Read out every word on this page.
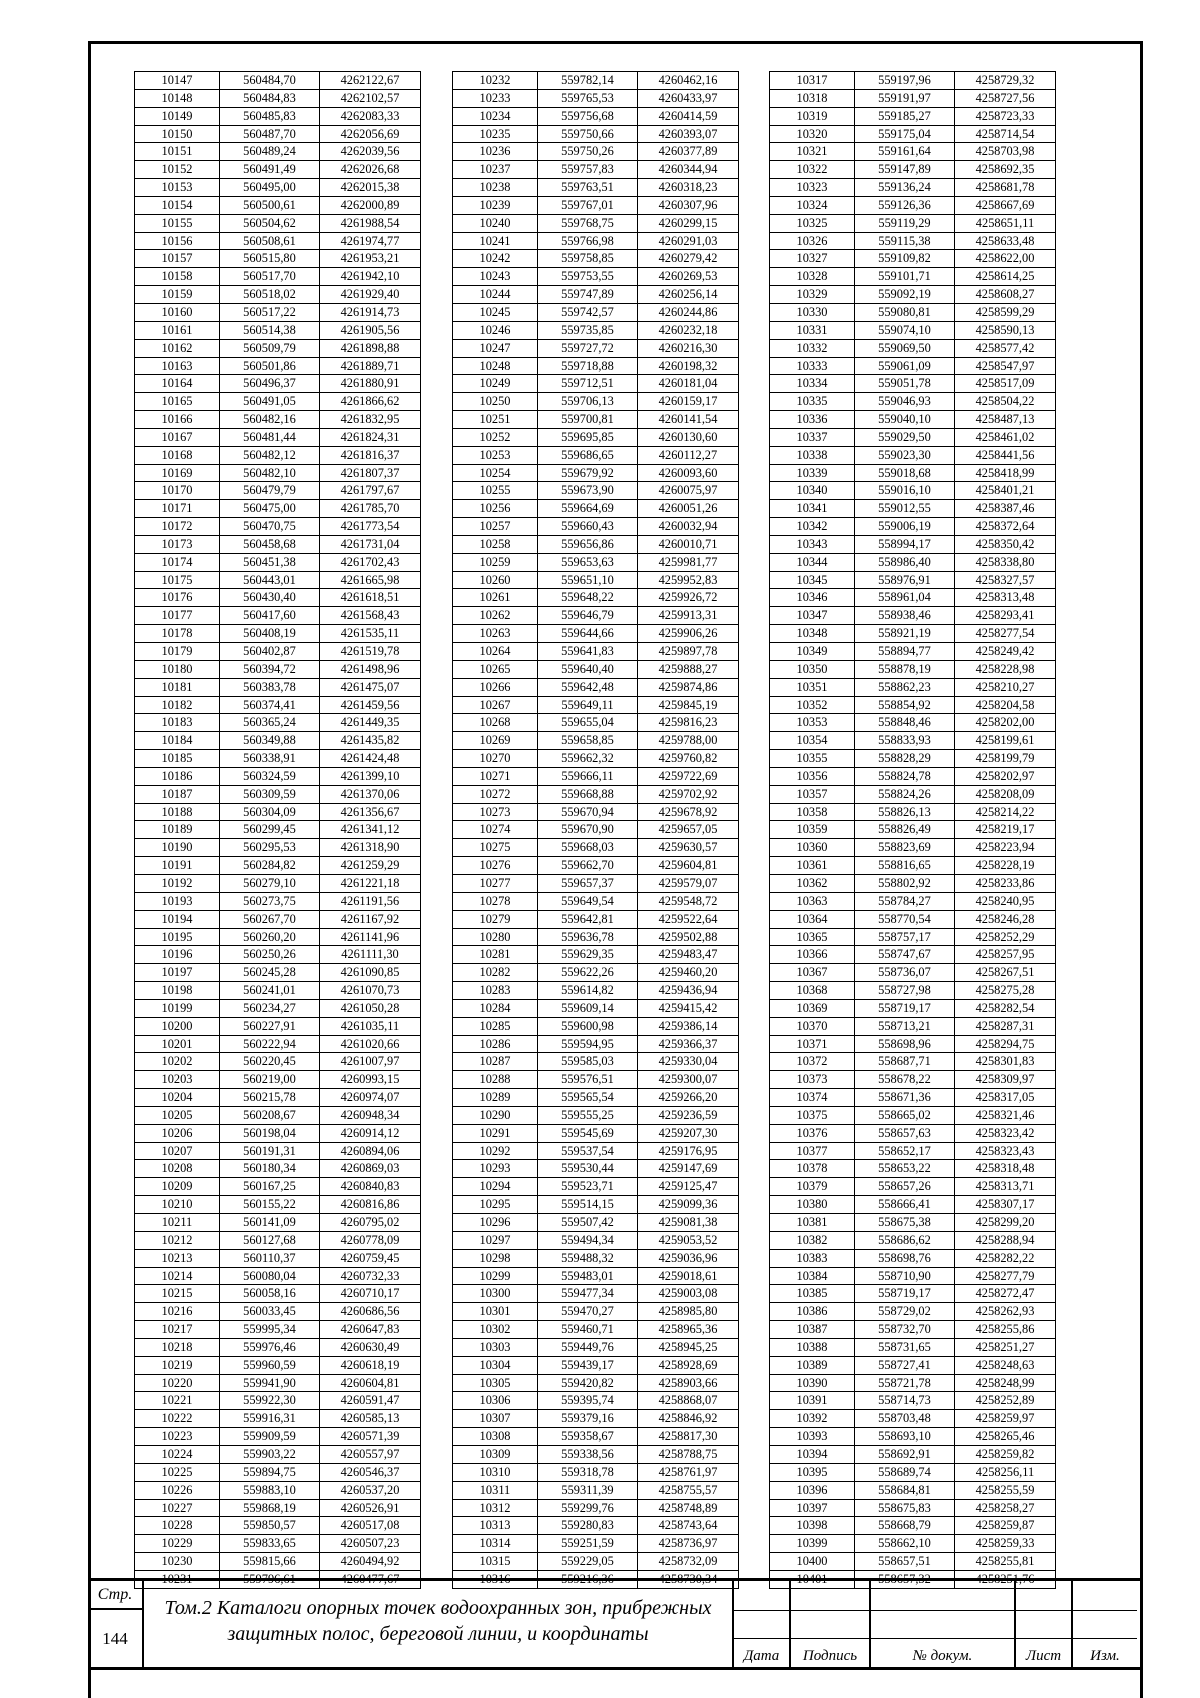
10147	560484,70	4262122,67
10148	560484,83	4262102,57
10149	560485,83	4262083,33
10150	560487,70	4262056,69
10151	560489,24	4262039,56
10152	560491,49	4262026,68
10153	560495,00	4262015,38
10154	560500,61	4262000,89
10155	560504,62	4261988,54
10156	560508,61	4261974,77
10157	560515,80	4261953,21
10158	560517,70	4261942,10
10159	560518,02	4261929,40
10160	560517,22	4261914,73
10161	560514,38	4261905,56
10162	560509,79	4261898,88
10163	560501,86	4261889,71
10164	560496,37	4261880,91
10165	560491,05	4261866,62
10166	560482,16	4261832,95
10167	560481,44	4261824,31
10168	560482,12	4261816,37
10169	560482,10	4261807,37
10170	560479,79	4261797,67
10171	560475,00	4261785,70
10172	560470,75	4261773,54
10173	560458,68	4261731,04
10174	560451,38	4261702,43
10175	560443,01	4261665,98
10176	560430,40	4261618,51
10177	560417,60	4261568,43
10178	560408,19	4261535,11
10179	560402,87	4261519,78
10180	560394,72	4261498,96
10181	560383,78	4261475,07
10182	560374,41	4261459,56
10183	560365,24	4261449,35
10184	560349,88	4261435,82
10185	560338,91	4261424,48
10186	560324,59	4261399,10
10187	560309,59	4261370,06
10188	560304,09	4261356,67
10189	560299,45	4261341,12
10190	560295,53	4261318,90
10191	560284,82	4261259,29
10192	560279,10	4261221,18
10193	560273,75	4261191,56
10194	560267,70	4261167,92
10195	560260,20	4261141,96
10196	560250,26	4261111,30
10197	560245,28	4261090,85
10198	560241,01	4261070,73
10199	560234,27	4261050,28
10200	560227,91	4261035,11
10201	560222,94	4261020,66
10202	560220,45	4261007,97
10203	560219,00	4260993,15
10204	560215,78	4260974,07
10205	560208,67	4260948,34
10206	560198,04	4260914,12
10207	560191,31	4260894,06
10208	560180,34	4260869,03
10209	560167,25	4260840,83
10210	560155,22	4260816,86
10211	560141,09	4260795,02
10212	560127,68	4260778,09
10213	560110,37	4260759,45
10214	560080,04	4260732,33
10215	560058,16	4260710,17
10216	560033,45	4260686,56
10217	559995,34	4260647,83
10218	559976,46	4260630,49
10219	559960,59	4260618,19
10220	559941,90	4260604,81
10221	559922,30	4260591,47
10222	559916,31	4260585,13
10223	559909,59	4260571,39
10224	559903,22	4260557,97
10225	559894,75	4260546,37
10226	559883,10	4260537,20
10227	559868,19	4260526,91
10228	559850,57	4260517,08
10229	559833,65	4260507,23
10230	559815,66	4260494,92
10231	559796,61	4260477,67
10232	559782,14	4260462,16
10233	559765,53	4260433,97
10234	559756,68	4260414,59
10235	559750,66	4260393,07
10236	559750,26	4260377,89
10237	559757,83	4260344,94
10238	559763,51	4260318,23
10239	559767,01	4260307,96
10240	559768,75	4260299,15
10241	559766,98	4260291,03
10242	559758,85	4260279,42
10243	559753,55	4260269,53
10244	559747,89	4260256,14
10245	559742,57	4260244,86
10246	559735,85	4260232,18
10247	559727,72	4260216,30
10248	559718,88	4260198,32
10249	559712,51	4260181,04
10250	559706,13	4260159,17
10251	559700,81	4260141,54
10252	559695,85	4260130,60
10253	559686,65	4260112,27
10254	559679,92	4260093,60
10255	559673,90	4260075,97
10256	559664,69	4260051,26
10257	559660,43	4260032,94
10258	559656,86	4260010,71
10259	559653,63	4259981,77
10260	559651,10	4259952,83
10261	559648,22	4259926,72
10262	559646,79	4259913,31
10263	559644,66	4259906,26
10264	559641,83	4259897,78
10265	559640,40	4259888,27
10266	559642,48	4259874,86
10267	559649,11	4259845,19
10268	559655,04	4259816,23
10269	559658,85	4259788,00
10270	559662,32	4259760,82
10271	559666,11	4259722,69
10272	559668,88	4259702,92
10273	559670,94	4259678,92
10274	559670,90	4259657,05
10275	559668,03	4259630,57
10276	559662,70	4259604,81
10277	559657,37	4259579,07
10278	559649,54	4259548,72
10279	559642,81	4259522,64
10280	559636,78	4259502,88
10281	559629,35	4259483,47
10282	559622,26	4259460,20
10283	559614,82	4259436,94
10284	559609,14	4259415,42
10285	559600,98	4259386,14
10286	559594,95	4259366,37
10287	559585,03	4259330,04
10288	559576,51	4259300,07
10289	559565,54	4259266,20
10290	559555,25	4259236,59
10291	559545,69	4259207,30
10292	559537,54	4259176,95
10293	559530,44	4259147,69
10294	559523,71	4259125,47
10295	559514,15	4259099,36
10296	559507,42	4259081,38
10297	559494,34	4259053,52
10298	559488,32	4259036,96
10299	559483,01	4259018,61
10300	559477,34	4259003,08
10301	559470,27	4258985,80
10302	559460,71	4258965,36
10303	559449,76	4258945,25
10304	559439,17	4258928,69
10305	559420,82	4258903,66
10306	559395,74	4258868,07
10307	559379,16	4258846,92
10308	559358,67	4258817,30
10309	559338,56	4258788,75
10310	559318,78	4258761,97
10311	559311,39	4258755,57
10312	559299,76	4258748,89
10313	559280,83	4258743,64
10314	559251,59	4258736,97
10315	559229,05	4258732,09
10316	559216,36	4258730,34
10317	559197,96	4258729,32
10318	559191,97	4258727,56
10319	559185,27	4258723,33
10320	559175,04	4258714,54
10321	559161,64	4258703,98
10322	559147,89	4258692,35
10323	559136,24	4258681,78
10324	559126,36	4258667,69
10325	559119,29	4258651,11
10326	559115,38	4258633,48
10327	559109,82	4258622,00
10328	559101,71	4258614,25
10329	559092,19	4258608,27
10330	559080,81	4258599,29
10331	559074,10	4258590,13
10332	559069,50	4258577,42
10333	559061,09	4258547,97
10334	559051,78	4258517,09
10335	559046,93	4258504,22
10336	559040,10	4258487,13
10337	559029,50	4258461,02
10338	559023,30	4258441,56
10339	559018,68	4258418,99
10340	559016,10	4258401,21
10341	559012,55	4258387,46
10342	559006,19	4258372,64
10343	558994,17	4258350,42
10344	558986,40	4258338,80
10345	558976,91	4258327,57
10346	558961,04	4258313,48
10347	558938,46	4258293,41
10348	558921,19	4258277,54
10349	558894,77	4258249,42
10350	558878,19	4258228,98
10351	558862,23	4258210,27
10352	558854,92	4258204,58
10353	558848,46	4258202,00
10354	558833,93	4258199,61
10355	558828,29	4258199,79
10356	558824,78	4258202,97
10357	558824,26	4258208,09
10358	558826,13	4258214,22
10359	558826,49	4258219,17
10360	558823,69	4258223,94
10361	558816,65	4258228,19
10362	558802,92	4258233,86
10363	558784,27	4258240,95
10364	558770,54	4258246,28
10365	558757,17	4258252,29
10366	558747,67	4258257,95
10367	558736,07	4258267,51
10368	558727,98	4258275,28
10369	558719,17	4258282,54
10370	558713,21	4258287,31
10371	558698,96	4258294,75
10372	558687,71	4258301,83
10373	558678,22	4258309,97
10374	558671,36	4258317,05
10375	558665,02	4258321,46
10376	558657,63	4258323,42
10377	558652,17	4258323,43
10378	558653,22	4258318,48
10379	558657,26	4258313,71
10380	558666,41	4258307,17
10381	558675,38	4258299,20
10382	558686,62	4258288,94
10383	558698,76	4258282,22
10384	558710,90	4258277,79
10385	558719,17	4258272,47
10386	558729,02	4258262,93
10387	558732,70	4258255,86
10388	558731,65	4258251,27
10389	558727,41	4258248,63
10390	558721,78	4258248,99
10391	558714,73	4258252,89
10392	558703,48	4258259,97
10393	558693,10	4258265,46
10394	558692,91	4258259,82
10395	558689,74	4258256,11
10396	558684,81	4258255,59
10397	558675,83	4258258,27
10398	558668,79	4258259,87
10399	558662,10	4258259,33
10400	558657,51	4258255,81
10401	558657,32	4258251,76
Стр.
144
Том.2 Каталоги опорных точек водоохранных зон, прибрежных
защитных полос, береговой линии, и координаты
Дата	Подпись	№ докум.	Лист	Изм.
